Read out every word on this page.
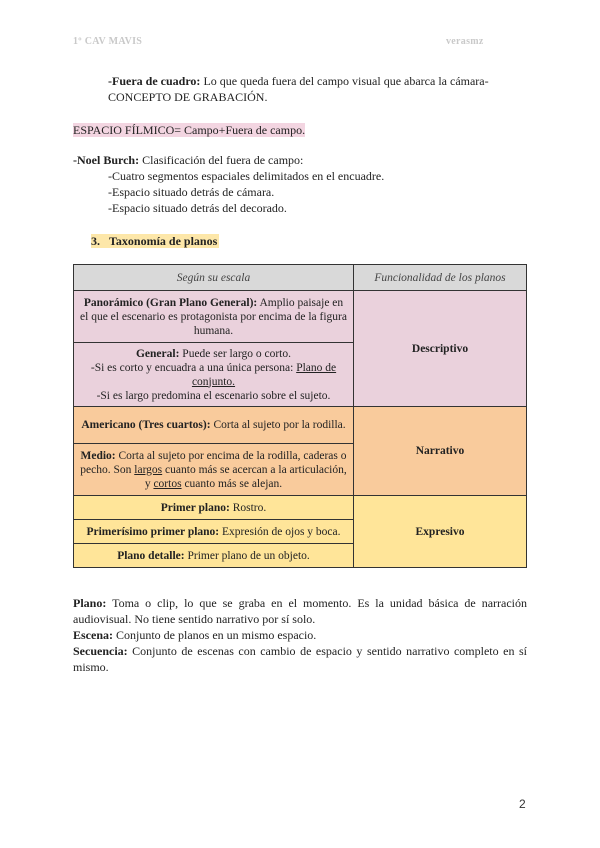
1º CAV MAVIS	verasmz
-Fuera de cuadro: Lo que queda fuera del campo visual que abarca la cámara-
CONCEPTO DE GRABACIÓN.
ESPACIO FÍLMICO= Campo+Fuera de campo.
-Noel Burch: Clasificación del fuera de campo:
-Cuatro segmentos espaciales delimitados en el encuadre.
-Espacio situado detrás de cámara.
-Espacio situado detrás del decorado.
3. Taxonomía de planos
Según su escala	Funcionalidad de los planos
Panorámico (Gran Plano General): Amplio paisaje en el que el escenario es protagonista por encima de la figura humana.	Descriptivo
General: Puede ser largo o corto.
-Si es corto y encuadra a una única persona: Plano de conjunto.
-Si es largo predomina el escenario sobre el sujeto.	
Americano (Tres cuartos): Corta al sujeto por la rodilla.	Narrativo
Medio: Corta al sujeto por encima de la rodilla, caderas o pecho. Son largos cuanto más se acercan a la articulación, y cortos cuanto más se alejan.	
Primer plano: Rostro.	Expresivo
Primerísimo primer plano: Expresión de ojos y boca.	
Plano detalle: Primer plano de un objeto.	
Plano: Toma o clip, lo que se graba en el momento. Es la unidad básica de narración audiovisual. No tiene sentido narrativo por sí solo.
Escena: Conjunto de planos en un mismo espacio.
Secuencia: Conjunto de escenas con cambio de espacio y sentido narrativo completo en sí mismo.
2
